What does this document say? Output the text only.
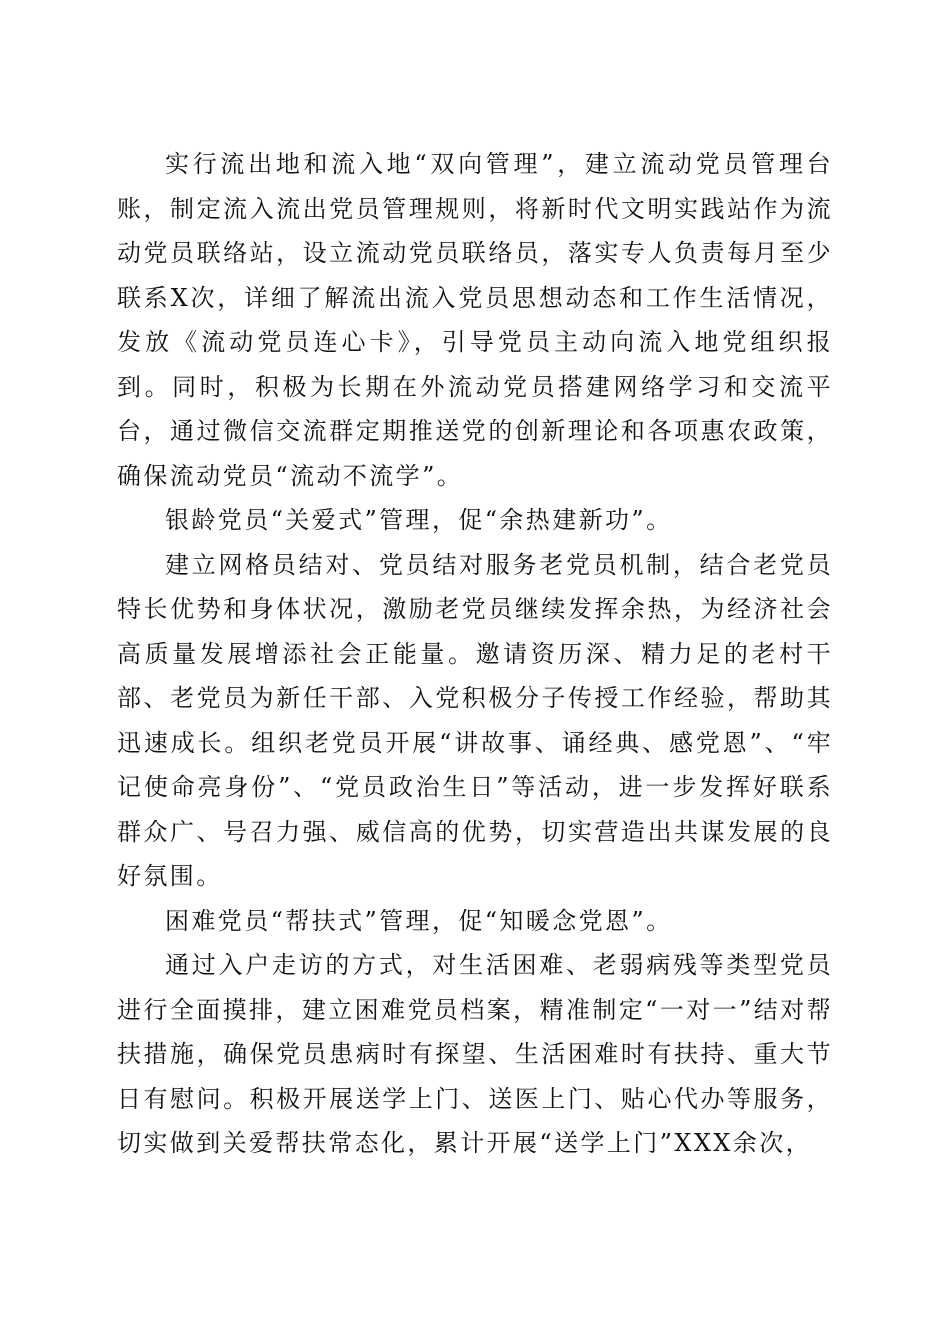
实行流出地和流入地“双向管理”，建立流动党员管理台账，制定流入流出党员管理规则，将新时代文明实践站作为流动党员联络站，设立流动党员联络员，落实专人负责每月至少联系X次，详细了解流出流入党员思想动态和工作生活情况，发放《流动党员连心卡》，引导党员主动向流入地党组织报到。同时，积极为长期在外流动党员搭建网络学习和交流平台，通过微信交流群定期推送党的创新理论和各项惠农政策，确保流动党员“流动不流学”。

银龄党员“关爱式”管理，促“余热建新功”。

建立网格员结对、党员结对服务老党员机制，结合老党员特长优势和身体状况，激励老党员继续发挥余热，为经济社会高质量发展增添社会正能量。邀请资历深、精力足的老村干部、老党员为新任干部、入党积极分子传授工作经验，帮助其迅速成长。组织老党员开展“讲故事、诵经典、感党恩”、“牢记使命亮身份”、“党员政治生日”等活动，进一步发挥好联系群众广、号召力强、威信高的优势，切实营造出共谋发展的良好氛围。

困难党员“帮扶式”管理，促“知暖念党恩”。

通过入户走访的方式，对生活困难、老弱病残等类型党员进行全面摸排，建立困难党员档案，精准制定“一对一”结对帮扶措施，确保党员患病时有探望、生活困难时有扶持、重大节日有慰问。积极开展送学上门、送医上门、贴心代办等服务，切实做到关爱帮扶常态化，累计开展“送学上门”XXX余次，
